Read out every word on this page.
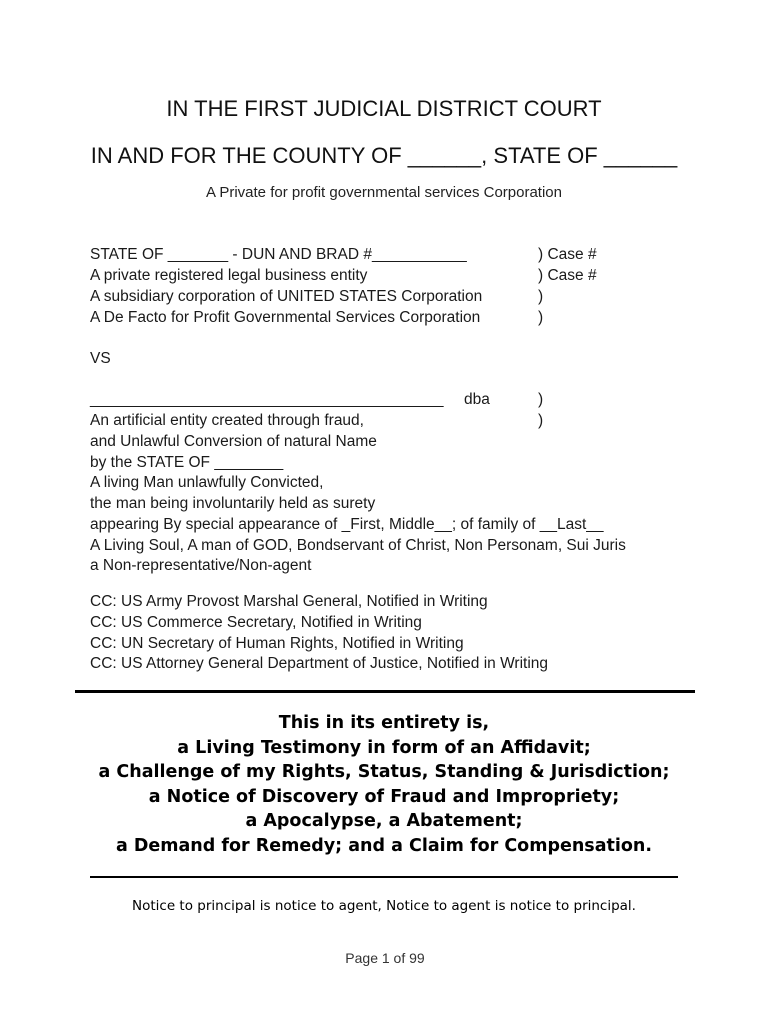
IN THE FIRST JUDICIAL DISTRICT COURT
IN AND FOR THE COUNTY OF ______, STATE OF ______
A Private for profit governmental services Corporation
STATE OF _______ - DUN AND BRAD #___________
A private registered legal business entity
A subsidiary corporation of UNITED STATES Corporation
A De Facto for Profit Governmental Services Corporation
) Case #
) Case #
)
)
VS
_________________________________________ dba	)
)
An artificial entity created through fraud,
and Unlawful Conversion of natural Name
by the STATE OF ________
A living Man unlawfully Convicted,
the man being involuntarily held as surety
appearing By special appearance of _First, Middle__; of family of __Last__
A Living Soul, A man of GOD, Bondservant of Christ, Non Personam, Sui Juris
a Non-representative/Non-agent
CC: US Army Provost Marshal General, Notified in Writing
CC: US Commerce Secretary, Notified in Writing
CC: UN Secretary of Human Rights, Notified in Writing
CC: US Attorney General Department of Justice, Notified in Writing
This in its entirety is,
a Living Testimony in form of an Affidavit;
a Challenge of my Rights, Status, Standing & Jurisdiction;
a Notice of Discovery of Fraud and Impropriety;
a Apocalypse, a Abatement;
a Demand for Remedy; and a Claim for Compensation.
Notice to principal is notice to agent, Notice to agent is notice to principal.
Page 1 of 99
